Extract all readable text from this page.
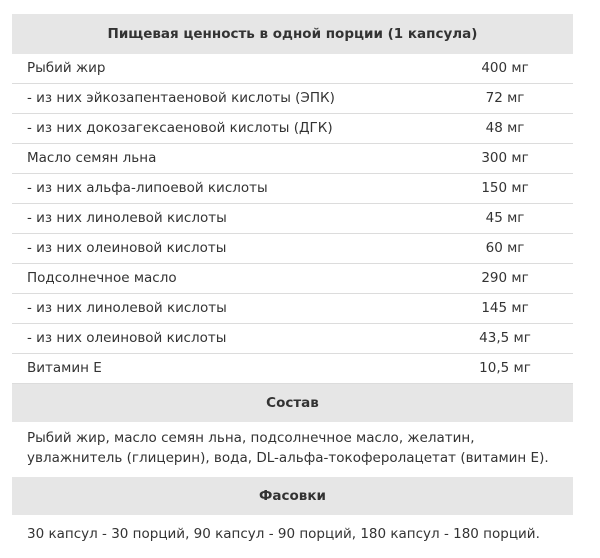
Пищевая ценность в одной порции (1 капсула)
Рыбий жир	400 мг
- из них эйкозапентаеновой кислоты (ЭПК)	72 мг
- из них докозагексаеновой кислоты (ДГК)	48 мг
Масло семян льна	300 мг
- из них альфа-липоевой кислоты	150 мг
- из них линолевой кислоты	45 мг
- из них олеиновой кислоты	60 мг
Подсолнечное масло	290 мг
- из них линолевой кислоты	145 мг
- из них олеиновой кислоты	43,5 мг
Витамин Е	10,5 мг
Состав
Рыбий жир, масло семян льна, подсолнечное масло, желатин, увлажнитель (глицерин), вода, DL-альфа-токоферолацетат (витамин Е).
Фасовки
30 капсул - 30 порций, 90 капсул - 90 порций, 180 капсул - 180 порций.
